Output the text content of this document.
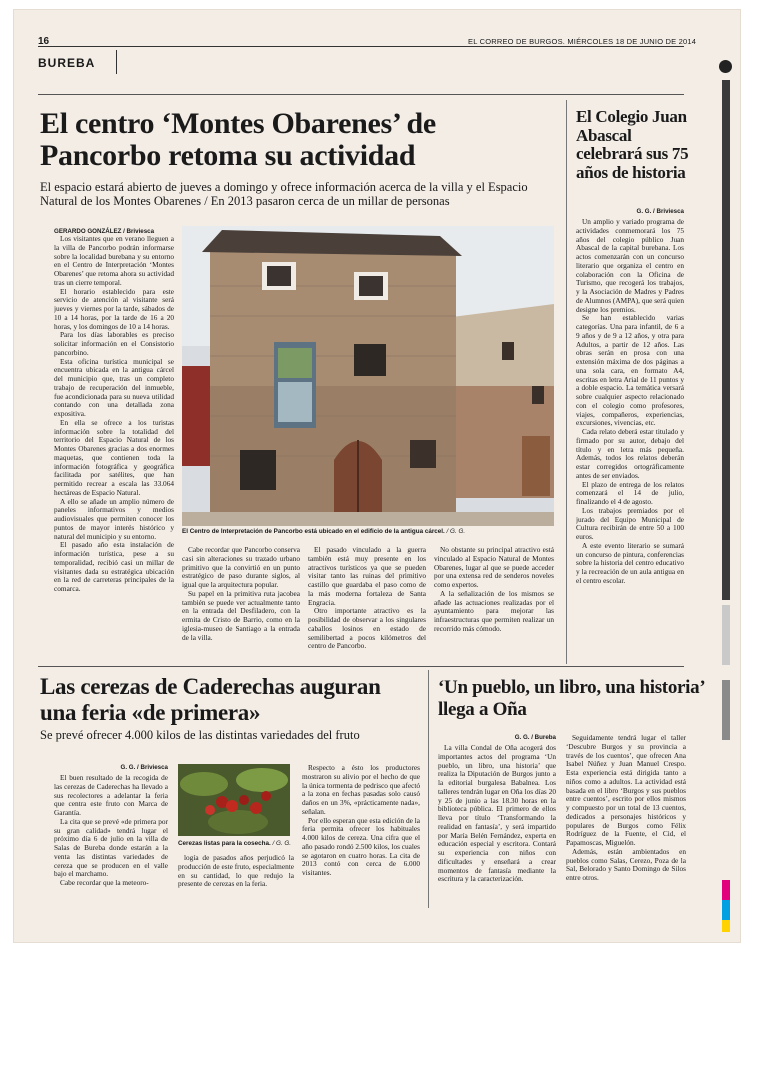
16	EL CORREO DE BURGOS. MIÉRCOLES 18 DE JUNIO DE 2014
BUREBA
El centro ‘Montes Obarenes’ de Pancorbo retoma su actividad
El espacio estará abierto de jueves a domingo y ofrece información acerca de la villa y el Espacio Natural de los Montes Obarenes / En 2013 pasaron cerca de un millar de personas
GERARDO GONZÁLEZ / Briviesca

Los visitantes que en verano lleguen a la villa de Pancorbo podrán informarse sobre la localidad burebana y su entorno en el Centro de Interpretación ‘Montes Obarenes’ que retoma ahora su actividad tras un cierre temporal.

El horario establecido para este servicio de atención al visitante será jueves y viernes por la tarde, sábados de 10 a 14 horas, por la tarde de 16 a 20 horas, y los domingos de 10 a 14 horas.

Para los días laborables es preciso solicitar información en el Consistorio pancorbino.

Esta oficina turística municipal se encuentra ubicada en la antigua cárcel del municipio que, tras un completo trabajo de recuperación del inmueble, fue acondicionada para su nueva utilidad contando con una detallada zona expositiva.

En ella se ofrece a los turistas información sobre la totalidad del territorio del Espacio Natural de los Montes Obarenes gracias a dos enormes maquetas, que contienen toda la información fotográfica y geográfica facilitada por satélites, que han permitido recrear a escala las 33.064 hectáreas de Espacio Natural.

A ello se añade un amplio número de paneles informativos y medios audiovisuales que permiten conocer los puntos de mayor interés histórico y natural del municipio y su entorno.

El pasado año esta instalación de información turística, pese a su temporalidad, recibió casi un millar de visitantes dada su estratégica ubicación en la red de carreteras principales de la comarca.

El Centro de Interpretación de Pancorbo está ubicado en el edificio de la antigua cárcel. / G. G.

Cabe recordar que Pancorbo conserva casi sin alteraciones su trazado urbano primitivo que la convirtió en un punto estratégico de paso durante siglos, al igual que la arquitectura popular.

Su papel en la primitiva ruta jacobea también se puede ver actualmente tanto en la entrada del Desfiladero, con la ermita de Cristo de Barrio, como en la iglesia-museo de Santiago a la entrada de la villa.

El pasado vinculado a la guerra también está muy presente en los atractivos turísticos ya que se pueden visitar tanto las ruinas del primitivo castillo que guardaba el paso como de la más moderna fortaleza de Santa Engracia.

Otro importante atractivo es la posibilidad de observar a los singulares caballos losinos en estado de semilibertad a pocos kilómetros del centro de Pancorbo.

No obstante su principal atractivo está vinculado al Espacio Natural de Montes Obarenes, lugar al que se puede acceder por una extensa red de senderos noveles como expertos.

A la señalización de los mismos se añade las actuaciones realizadas por el ayuntamiento para mejorar las infraestructuras que permiten realizar un recorrido más cómodo.

El Colegio Juan Abascal celebrará sus 75 años de historia
G. G. / Briviesca

Un amplio y variado programa de actividades conmemorará los 75 años del colegio público Juan Abascal de la capital burebana. Los actos comenzarán con un concurso literario que organiza el centro en colaboración con la Oficina de Turismo, que recogerá los trabajos, y la Asociación de Madres y Padres de Alumnos (AMPA), que será quien designe los premios.

Se han establecido varias categorías. Una para infantil, de 6 a 9 años y de 9 a 12 años, y otra para Adultos, a partir de 12 años. Las obras serán en prosa con una extensión máxima de dos páginas a una sola cara, en formato A4, escritas en letra Arial de 11 puntos y a doble espacio. La temática versará sobre cualquier aspecto relacionado con el colegio como profesores, viajes, compañeros, experiencias, excursiones, vivencias, etc.

Cada relato deberá estar titulado y firmado por su autor, debajo del título y en letra más pequeña. Además, todos los relatos deberán estar corregidos ortográficamente antes de ser enviados.

El plazo de entrega de los relatos comenzará el 14 de julio, finalizando el 4 de agosto.

Los trabajos premiados por el jurado del Equipo Municipal de Cultura recibirán de entre 50 a 100 euros.

A este evento literario se sumará un concurso de pintura, conferencias sobre la historia del centro educativo y la recreación de un aula antigua en el centro escolar.

Las cerezas de Caderechas auguran una feria «de primera»
Se prevé ofrecer 4.000 kilos de las distintas variedades del fruto
G. G. / Briviesca

El buen resultado de la recogida de las cerezas de Caderechas ha llevado a sus recolectores a adelantar la feria que centra este fruto con Marca de Garantía.

La cita que se prevé «de primera por su gran calidad» tendrá lugar el próximo día 6 de julio en la villa de Salas de Bureba donde estarán a la venta las distintas variedades de cereza que se producen en el valle bajo el marchamo.

Cabe recordar que la meteoro-

Cerezas listas para la cosecha. / G. G.

logía de pasados años perjudicó la producción de este fruto, especialmente en su cantidad, lo que redujo la presente de cerezas en la feria.

Respecto a ésto los productores mostraron su alivio por el hecho de que la única tormenta de pedrisco que afectó a la zona en fechas pasadas solo causó daños en un 3%, «prácticamente nada», señalan.

Por ello esperan que esta edición de la feria permita ofrecer los habituales 4.000 kilos de cereza. Una cifra que el año pasado rondó 2.500 kilos, los cuales se agotaron en cuatro horas. La cita de 2013 contó con cerca de 6.000 visitantes.

‘Un pueblo, un libro, una historia’ llega a Oña
G. G. / Bureba

La villa Condal de Oña acogerá dos importantes actos del programa ‘Un pueblo, un libro, una historia’ que realiza la Diputación de Burgos junto a la editorial burgalesa Babalnea. Los talleres tendrán lugar en Oña los días 20 y 25 de junio a las 18.30 horas en la biblioteca pública. El primero de ellos lleva por título ‘Transformando la realidad en fantasía’, y será impartido por María Belén Fernández, experta en educación especial y escritora. Contará su experiencia con niños con dificultades y enseñará a crear momentos de fantasía mediante la escritura y la caracterización.

Seguidamente tendrá lugar el taller ‘Descubre Burgos y su provincia a través de los cuentos’, que ofrecen Ana Isabel Núñez y Juan Manuel Crespo. Esta experiencia está dirigida tanto a niños como a adultos. La actividad está basada en el libro ‘Burgos y sus pueblos entre cuentos’, escrito por ellos mismos y compuesto por un total de 13 cuentos, dedicados a personajes históricos y populares de Burgos como Félix Rodríguez de la Fuente, el Cid, el Papamoscas, Miguelón.

Además, están ambientados en pueblos como Salas, Cerezo, Poza de la Sal, Belorado y Santo Domingo de Silos entre otros.
